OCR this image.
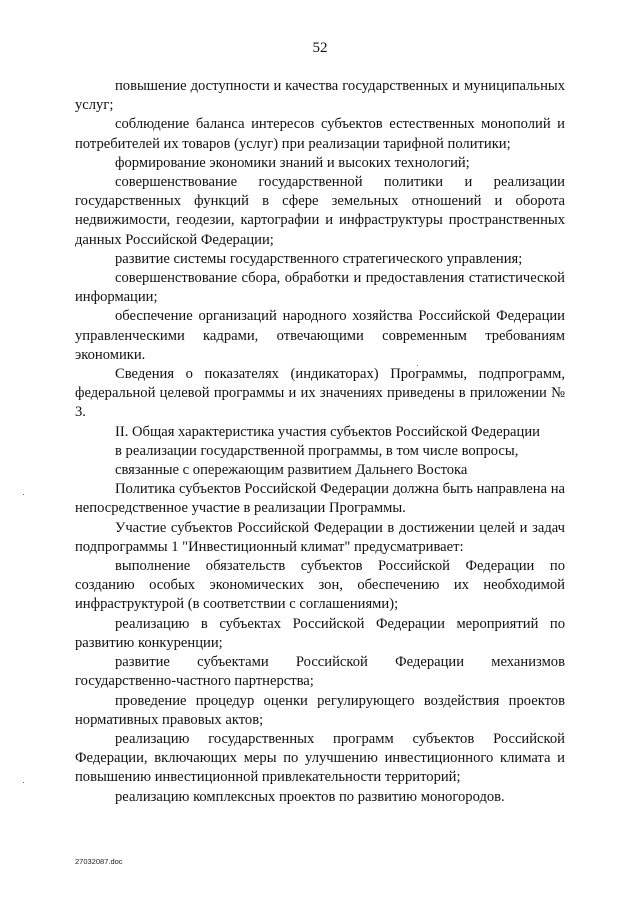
52

повышение доступности и качества государственных и муниципальных услуг;

соблюдение баланса интересов субъектов естественных монополий и потребителей их товаров (услуг) при реализации тарифной политики;

формирование экономики знаний и высоких технологий;

совершенствование государственной политики и реализации государственных функций в сфере земельных отношений и оборота недвижимости, геодезии, картографии и инфраструктуры пространственных данных Российской Федерации;

развитие системы государственного стратегического управления;

совершенствование сбора, обработки и предоставления статистической информации;

обеспечение организаций народного хозяйства Российской Федерации управленческими кадрами, отвечающими современным требованиям экономики.

Сведения о показателях (индикаторах) Программы, подпрограмм, федеральной целевой программы и их значениях приведены в приложении № 3.

II. Общая характеристика участия субъектов Российской Федерации
в реализации государственной программы, в том числе вопросы,
связанные с опережающим развитием Дальнего Востока

Политика субъектов Российской Федерации должна быть направлена на непосредственное участие в реализации Программы.

Участие субъектов Российской Федерации в достижении целей и задач подпрограммы 1 "Инвестиционный климат" предусматривает:

выполнение обязательств субъектов Российской Федерации по созданию особых экономических зон, обеспечению их необходимой инфраструктурой (в соответствии с соглашениями);

реализацию в субъектах Российской Федерации мероприятий по развитию конкуренции;

развитие субъектами Российской Федерации механизмов государственно-частного партнерства;

проведение процедур оценки регулирующего воздействия проектов нормативных правовых актов;

реализацию государственных программ субъектов Российской Федерации, включающих меры по улучшению инвестиционного климата и повышению инвестиционной привлекательности территорий;

реализацию комплексных проектов по развитию моногородов.

27032087.doc
